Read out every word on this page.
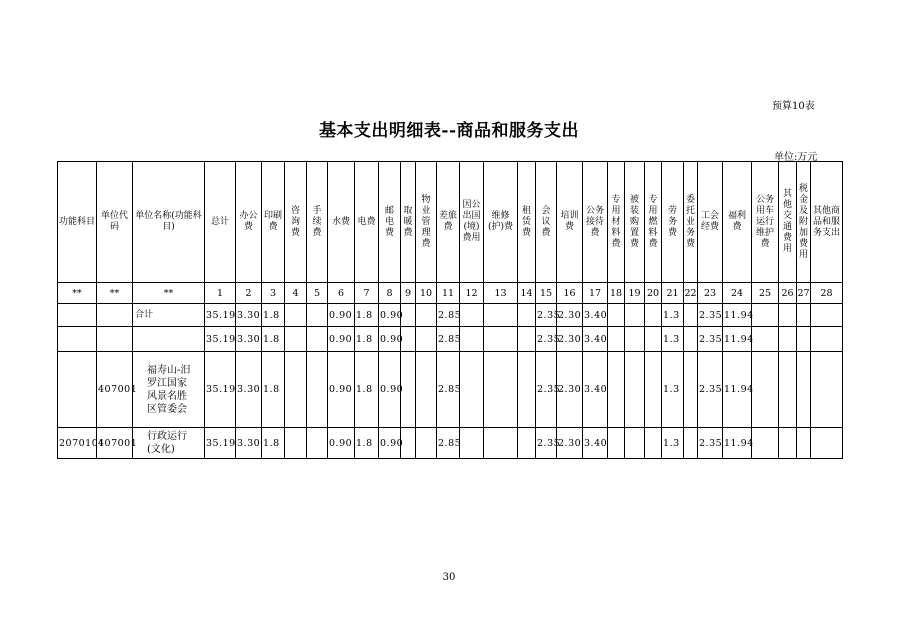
预算10表
基本支出明细表--商品和服务支出
单位:万元
功能科目	单位代码	单位名称(功能科目)	总计	办公费	印刷费	咨询费	手续费	水费	电费	邮电费	取暖费	物业管理费	差旅费	因公出国(境)费用	维修(护)费	租赁费	会议费	培训费	公务接待费	专用材料费	被装购置费	专用燃料费	劳务费	委托业务费	工会经费	福利费	公务用车运行维护费	其他交通费用	税金及附加费用	其他商品和服务支出
**	**	**	1	2	3	4	5	6	7	8	9	10	11	12	13	14	15	16	17	18	19	20	21	22	23	24	25	26	27	28
		合计	35.19	3.30	1.8			0.90	1.8	0.90			2.85				2.35	2.30	3.40				1.3		2.35	11.94				
			35.19	3.30	1.8			0.90	1.8	0.90			2.85				2.35	2.30	3.40				1.3		2.35	11.94				
	407001	福寿山-汨罗江国家风景名胜区管委会	35.19	3.30	1.8			0.90	1.8	0.90			2.85				2.35	2.30	3.40				1.3		2.35	11.94				
2070101	407001	行政运行(文化)	35.19	3.30	1.8			0.90	1.8	0.90			2.85				2.35	2.30	3.40				1.3		2.35	11.94				
30
